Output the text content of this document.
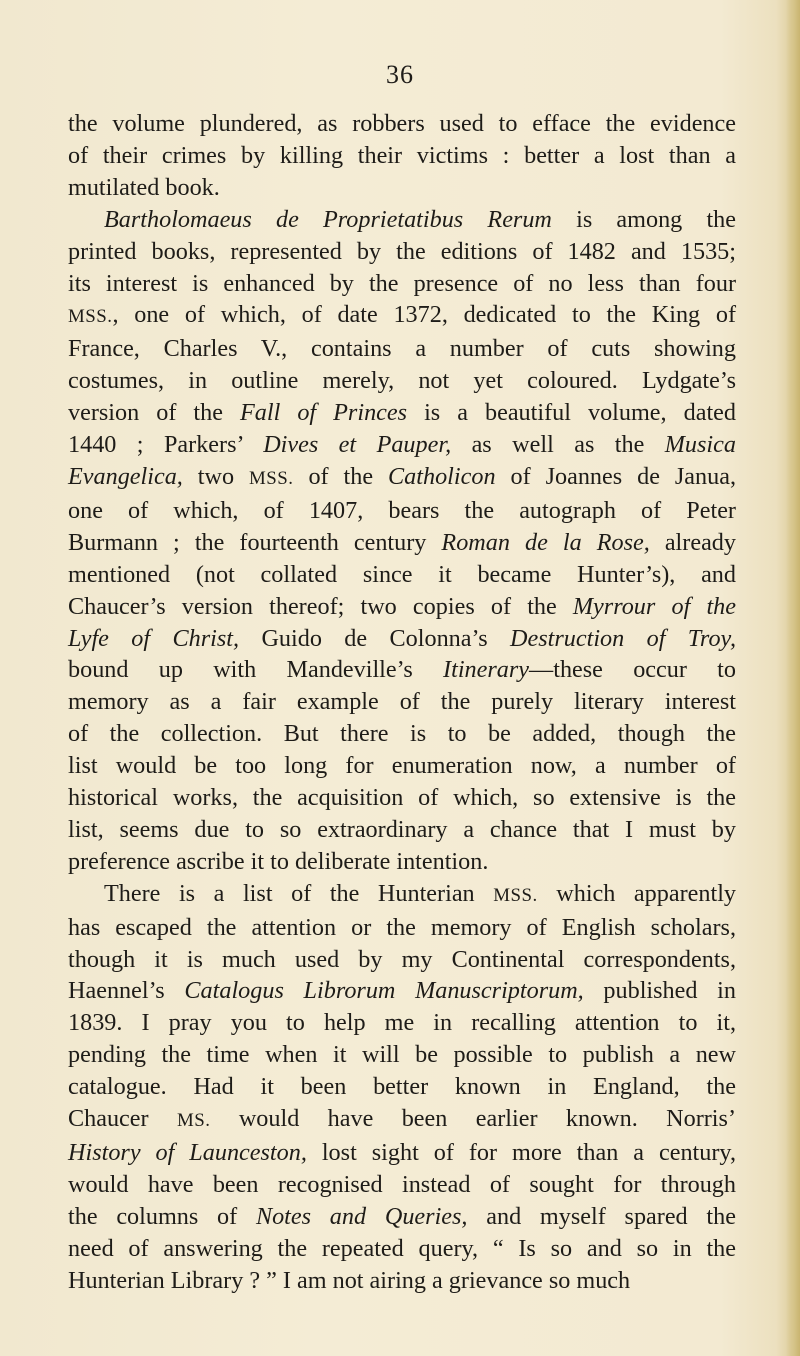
36
the volume plundered, as robbers used to efface the evidence
of their crimes by killing their victims : better a lost than a
mutilated book.
Bartholomaeus de Proprietatibus Rerum is among the
printed books, represented by the editions of 1482 and 1535;
its interest is enhanced by the presence of no less than four
MSS., one of which, of date 1372, dedicated to the King of
France, Charles V., contains a number of cuts showing
costumes, in outline merely, not yet coloured. Lydgate’s
version of the Fall of Princes is a beautiful volume, dated
1440 ; Parkers’ Dives et Pauper, as well as the Musica
Evangelica, two MSS. of the Catholicon of Joannes de Janua,
one of which, of 1407, bears the autograph of Peter
Burmann ; the fourteenth century Roman de la Rose, already
mentioned (not collated since it became Hunter’s), and
Chaucer’s version thereof; two copies of the Myrrour of the
Lyfe of Christ, Guido de Colonna’s Destruction of Troy,
bound up with Mandeville’s Itinerary—these occur to
memory as a fair example of the purely literary interest
of the collection. But there is to be added, though the
list would be too long for enumeration now, a number of
historical works, the acquisition of which, so extensive is the
list, seems due to so extraordinary a chance that I must by
preference ascribe it to deliberate intention.
There is a list of the Hunterian MSS. which apparently
has escaped the attention or the memory of English scholars,
though it is much used by my Continental correspondents,
Haennel’s Catalogus Librorum Manuscriptorum, published in
1839. I pray you to help me in recalling attention to it,
pending the time when it will be possible to publish a new
catalogue. Had it been better known in England, the
Chaucer MS. would have been earlier known. Norris’
History of Launceston, lost sight of for more than a century,
would have been recognised instead of sought for through
the columns of Notes and Queries, and myself spared the
need of answering the repeated query, “ Is so and so in the
Hunterian Library ? ” I am not airing a grievance so much
